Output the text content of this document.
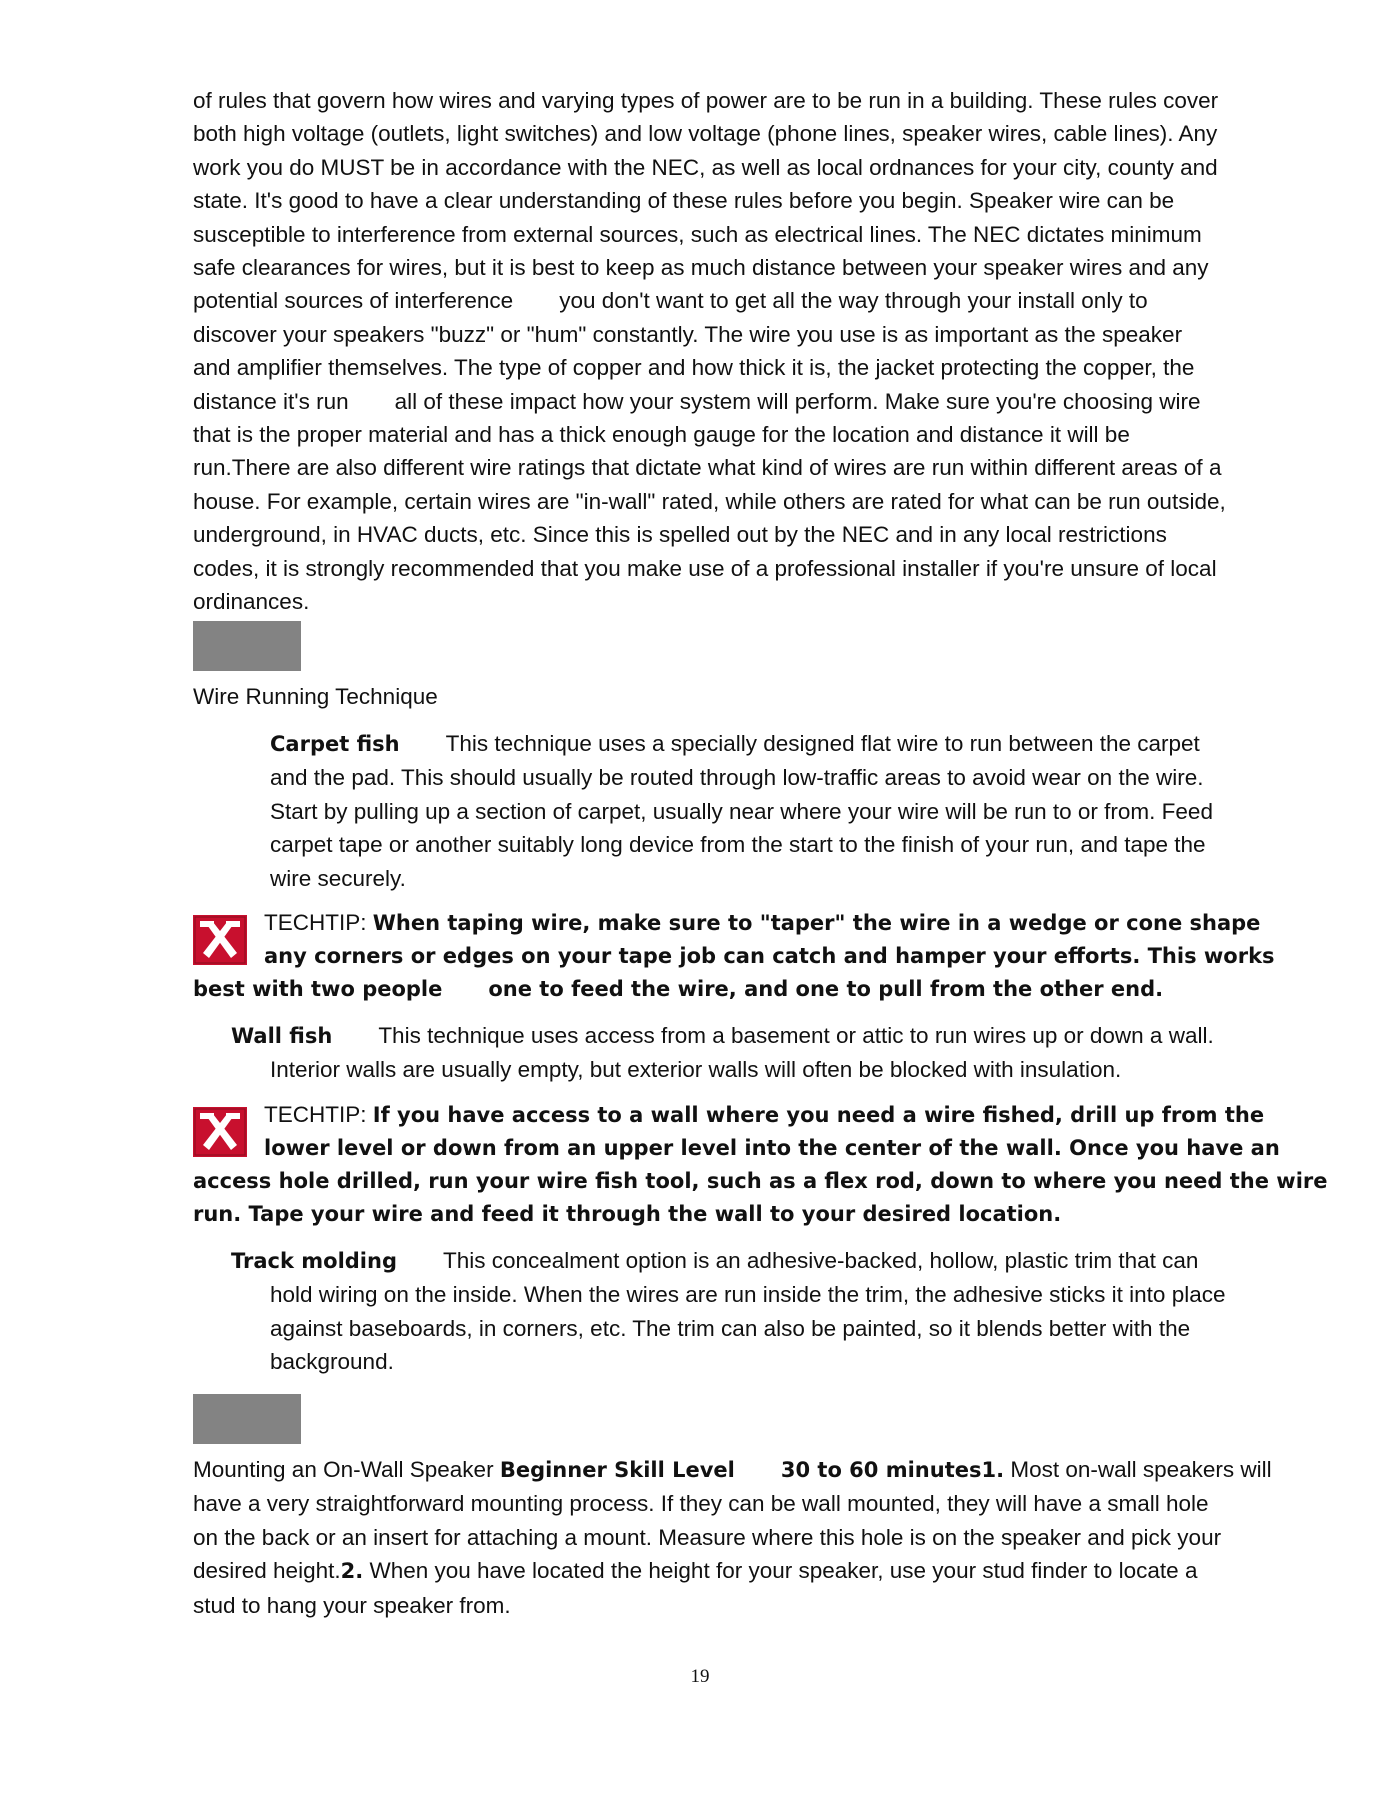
of rules that govern how wires and varying types of power are to be run in a building. These rules cover
both high voltage (outlets, light switches) and low voltage (phone lines, speaker wires, cable lines). Any
work you do MUST be in accordance with the NEC, as well as local ordnances for your city, county and
state. It's good to have a clear understanding of these rules before you begin. Speaker wire can be
susceptible to interference from external sources, such as electrical lines. The NEC dictates minimum
safe clearances for wires, but it is best to keep as much distance between your speaker wires and any
potential sources of interference you don't want to get all the way through your install only to
discover your speakers "buzz" or "hum" constantly. The wire you use is as important as the speaker
and amplifier themselves. The type of copper and how thick it is, the jacket protecting the copper, the
distance it's run all of these impact how your system will perform. Make sure you're choosing wire
that is the proper material and has a thick enough gauge for the location and distance it will be
run.There are also different wire ratings that dictate what kind of wires are run within different areas of a
house. For example, certain wires are "in-wall" rated, while others are rated for what can be run outside,
underground, in HVAC ducts, etc. Since this is spelled out by the NEC and in any local restrictions
codes, it is strongly recommended that you make use of a professional installer if you're unsure of local
ordinances.
Wire Running Technique
Carpet fish This technique uses a specially designed flat wire to run between the carpet
and the pad. This should usually be routed through low-traffic areas to avoid wear on the wire.
Start by pulling up a section of carpet, usually near where your wire will be run to or from. Feed
carpet tape or another suitably long device from the start to the finish of your run, and tape the
wire securely.
TECHTIP: When taping wire, make sure to "taper" the wire in a wedge or cone shape
any corners or edges on your tape job can catch and hamper your efforts. This works
best with two people one to feed the wire, and one to pull from the other end.
Wall fish This technique uses access from a basement or attic to run wires up or down a wall.
Interior walls are usually empty, but exterior walls will often be blocked with insulation.
TECHTIP: If you have access to a wall where you need a wire fished, drill up from the
lower level or down from an upper level into the center of the wall. Once you have an
access hole drilled, run your wire fish tool, such as a flex rod, down to where you need the wire
run. Tape your wire and feed it through the wall to your desired location.
Track molding This concealment option is an adhesive-backed, hollow, plastic trim that can
hold wiring on the inside. When the wires are run inside the trim, the adhesive sticks it into place
against baseboards, in corners, etc. The trim can also be painted, so it blends better with the
background.
Mounting an On-Wall Speaker Beginner Skill Level 30 to 60 minutes1. Most on-wall speakers will
have a very straightforward mounting process. If they can be wall mounted, they will have a small hole
on the back or an insert for attaching a mount. Measure where this hole is on the speaker and pick your
desired height.2. When you have located the height for your speaker, use your stud finder to locate a
stud to hang your speaker from.
19
